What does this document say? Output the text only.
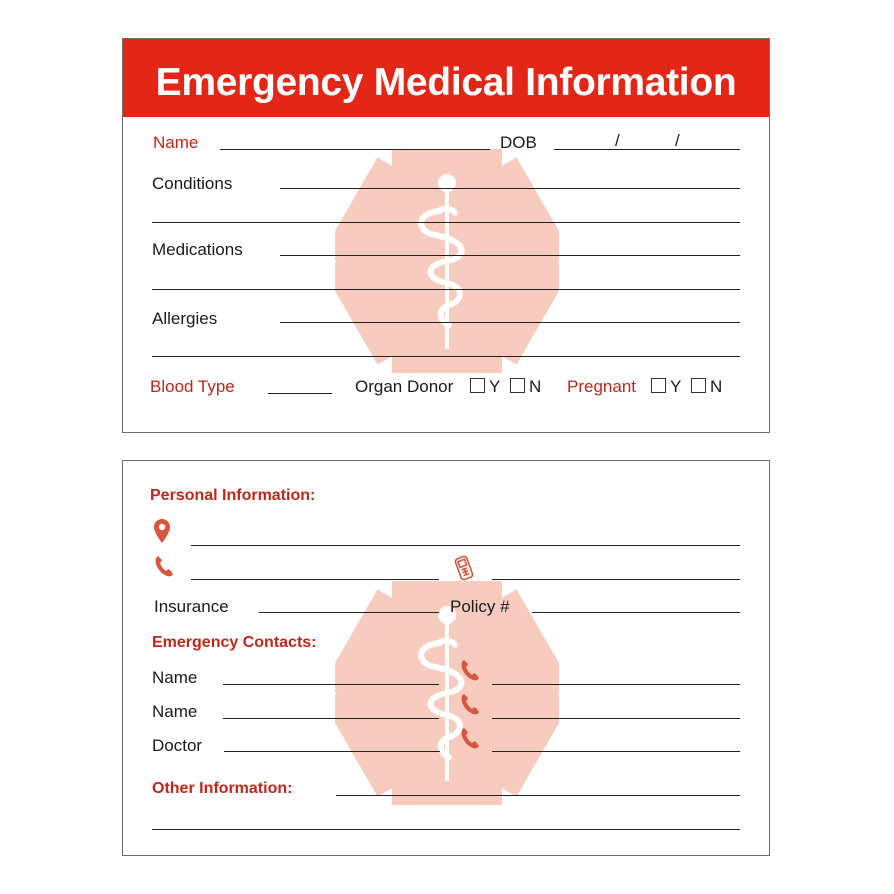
Emergency Medical Information
Name	DOB	/	/
Conditions
Medications
Allergies
Blood Type	Organ Donor Y N Pregnant Y N
Personal Information:
Insurance	Policy #
Emergency Contacts:
Name
Name
Doctor
Other Information:
